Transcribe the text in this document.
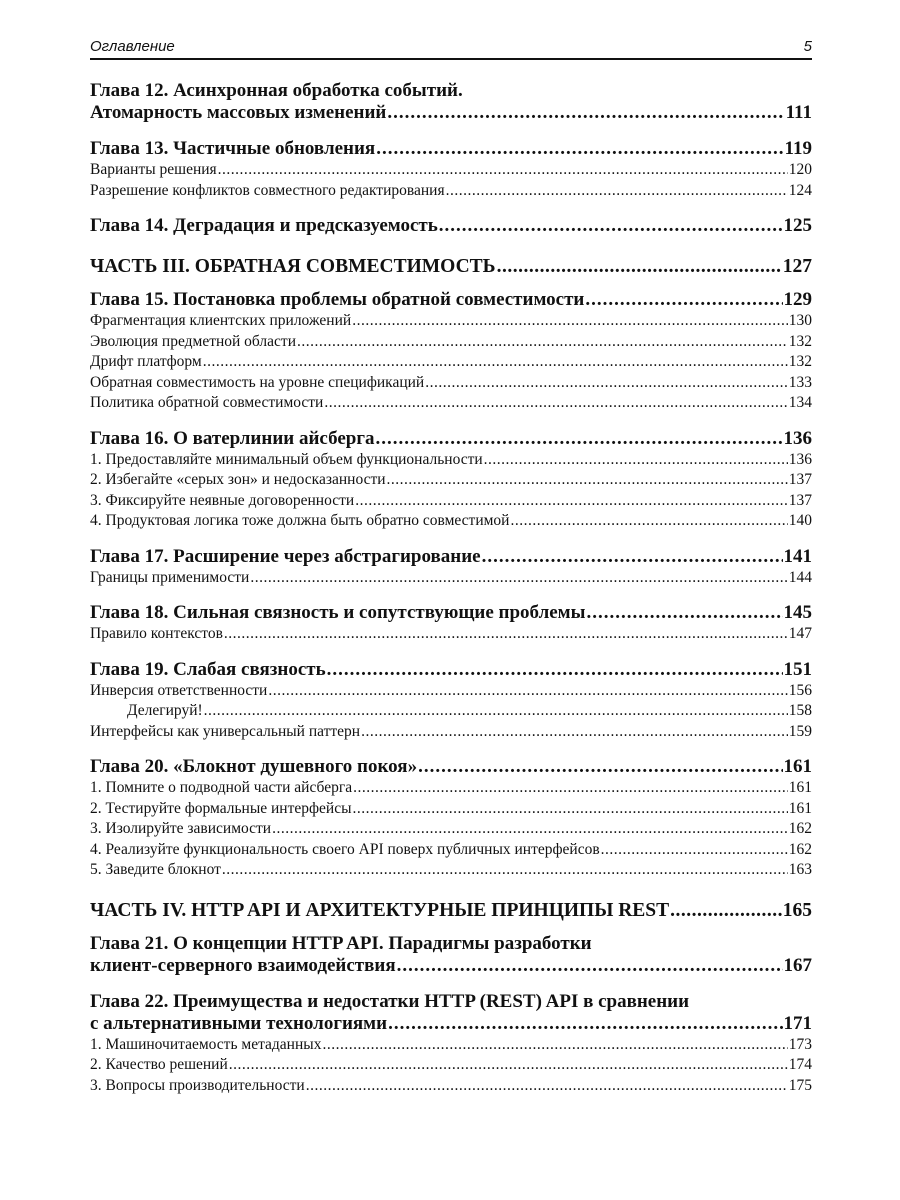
Оглавление	5
Глава 12. Асинхронная обработка событий.
Атомарность массовых изменений .....	111
Глава 13. Частичные обновления .....	119
Варианты решения .....	120
Разрешение конфликтов совместного редактирования .....	124
Глава 14. Деградация и предсказуемость .....	125
ЧАСТЬ III. ОБРАТНАЯ СОВМЕСТИМОСТЬ .....	127
Глава 15. Постановка проблемы обратной совместимости .....	129
Фрагментация клиентских приложений .....	130
Эволюция предметной области .....	132
Дрифт платформ .....	132
Обратная совместимость на уровне спецификаций .....	133
Политика обратной совместимости .....	134
Глава 16. О ватерлинии айсберга .....	136
1. Предоставляйте минимальный объем функциональности .....	136
2. Избегайте «серых зон» и недосказанности .....	137
3. Фиксируйте неявные договоренности .....	137
4. Продуктовая логика тоже должна быть обратно совместимой .....	140
Глава 17. Расширение через абстрагирование .....	141
Границы применимости .....	144
Глава 18. Сильная связность и сопутствующие проблемы .....	145
Правило контекстов .....	147
Глава 19. Слабая связность .....	151
Инверсия ответственности .....	156
Делегируй! .....	158
Интерфейсы как универсальный паттерн .....	159
Глава 20. «Блокнот душевного покоя» .....	161
1. Помните о подводной части айсберга .....	161
2. Тестируйте формальные интерфейсы .....	161
3. Изолируйте зависимости .....	162
4. Реализуйте функциональность своего API поверх публичных интерфейсов .....	162
5. Заведите блокнот .....	163
ЧАСТЬ IV. HTTP API И АРХИТЕКТУРНЫЕ ПРИНЦИПЫ REST .....	165
Глава 21. О концепции HTTP API. Парадигмы разработки
клиент-серверного взаимодействия .....	167
Глава 22. Преимущества и недостатки HTTP (REST) API в сравнении
с альтернативными технологиями .....	171
1. Машиночитаемость метаданных .....	173
2. Качество решений .....	174
3. Вопросы производительности .....	175
